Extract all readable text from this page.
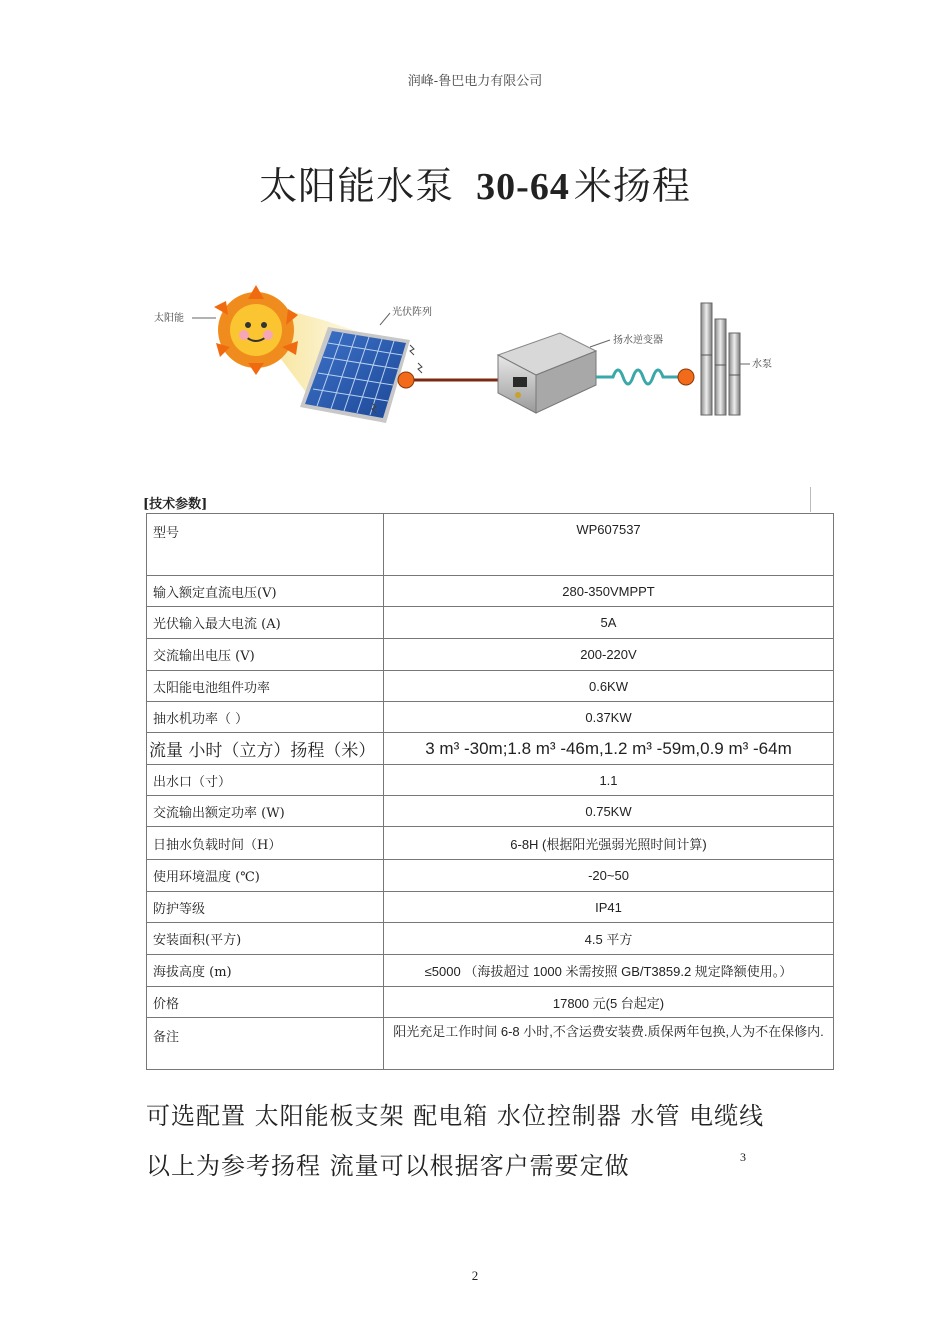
润峰-鲁巴电力有限公司
太阳能水泵 30-64 米扬程
太阳能
光伏阵列
扬水逆变器
水泵
[技术参数]
型号	WP607537
输入额定直流电压(V)	280-350VMPPT
光伏输入最大电流 (A)	5A
交流输出电压 (V)	200-220V
太阳能电池组件功率	0.6KW
抽水机功率（ ）	0.37KW
流量 小时（立方）扬程（米）	3 m³ -30m;1.8 m³ -46m,1.2 m³ -59m,0.9 m³ -64m
出水口（寸）	1.1
交流输出额定功率 (W)	0.75KW
日抽水负载时间（H）	6-8H (根据阳光强弱光照时间计算)
使用环境温度 (℃)	-20~50
防护等级	IP41
安装面积(平方)	4.5 平方
海拔高度 (m)	≤5000 （海拔超过 1000 米需按照 GB/T3859.2 规定降额使用。）
价格	17800 元(5 台起定)
备注	阳光充足工作时间 6-8 小时,不含运费安装费.质保两年包换,人为不在保修内.
可选配置 太阳能板支架 配电箱 水位控制器 水管 电缆线
以上为参考扬程 流量可以根据客户需要定做	3
2
